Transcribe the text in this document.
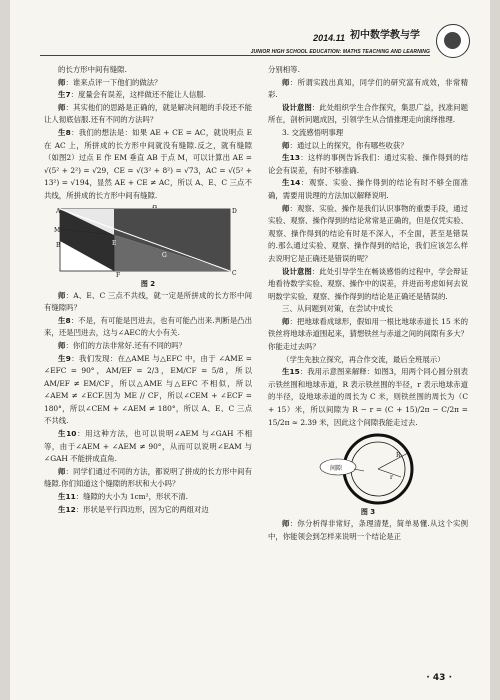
2014.11 初中数学教与学
JUNIOR HIGH SCHOOL EDUCATION: MATHS TEACHING AND LEARNING

的长方形中间有缝隙.

师：谁来点评一下他们的做法？

生7：度量会有误差，这样做还不能让人信服.

师：其实他们的思路是正确的，就是解决问题的手段还不能让人彻底信服.还有不同的方法吗？

生8：我们的想法是：如果 AE + CE = AC，就说明点 E 在 AC 上，所拼成的长方形中间就没有缝隙.反之，就有缝隙（如图2）过点 E 作 EM 垂直 AB 于点 M，可以计算出 AE = √(5² + 2²) = √29，CE = √(3² + 8²) = √73，AC = √(5² + 13²) = √194，显然 AE + CE ≠ AC，所以 A、E、C 三点不共线，所拼成的长方形中间有缝隙.

A
H
D
M
E
B
F
G
C
图 2

师：A、E、C 三点不共线，就一定是所拼成的长方形中间有缝隙吗？

生8：不是，有可能是凹进去，也有可能凸出来.判断是凸出来，还是凹进去，这与∠AEC的大小有关.

师：你们的方法非常好.还有不同的吗？

生9：我们发现：在△AME 与△EFC 中，由于 ∠AME = ∠EFC = 90°，AM/EF = 2/3，EM/CF = 5/8，所以 AM/EF ≠ EM/CF，所以△AME 与△EFC 不相似，所以∠AEM ≠ ∠ECF.因为 ME // CF，所以∠CEM + ∠ECF = 180°，所以∠CEM + ∠AEM ≠ 180°，所以 A、E、C 三点不共线.

生10：用这种方法，也可以说明∠AEM 与∠GAH 不相等，由于∠AEM + ∠AEM ≠ 90°，从而可以说明∠EAM 与∠GAH 不能拼成直角.

师：同学们通过不同的方法，都说明了拼成的长方形中间有缝隙.你们知道这个缝隙的形状和大小吗？

生11：缝隙的大小为 1cm²，形状不清.

生12：形状是平行四边形，因为它的两组对边

分别相等.

师：所谓实践出真知，同学们的研究富有成效，非常精彩.

设计意图：此处组织学生合作探究，集思广益，找准问题所在，剖析问题成因，引领学生从合情推理走向演绎推理.

3. 交流感悟明事理

师：通过以上的探究，你有哪些收获？

生13：这样的事例告诉我们：通过实验、操作得到的结论会有误差，有时不够准确.

生14：观察、实验、操作得到的结论有时不够全面准确，需要用说理的方法加以解释说明.

师：观察、实验、操作是我们认识事物的重要手段，通过实验、观察、操作得到的结论常常是正确的，但是仅凭实验、观察、操作得到的结论有时是不深入，不全面，甚至是错误的.那么通过实验、观察、操作得到的结论，我们应该怎么样去说明它是正确还是错误的呢？

设计意图：此处引导学生在畅谈感悟的过程中，学会辩证地看待数学实验、观察、操作中的误差，并进而考虑如何去说明数学实验、观察、操作得到的结论是正确还是错误的.

三、从问题到对策，在尝试中成长

师：把地球看成球形，假如用一根比地球赤道长 15 米的铁丝将地球赤道围起来，猜想铁丝与赤道之间的间隙有多大？你能走过去吗？

（学生先独立探究，再合作交流，最后全班展示）

生15：我用示意图来解释：如图3，用两个同心圆分别表示铁丝围和地球赤道，R 表示铁丝围的半径，r 表示地球赤道的半径，设地球赤道的周长为 C 米，则铁丝围的周长为（C + 15）米，所以间隙为 R − r = (C + 15)/2π − C/2π = 15/2π ≈ 2.39 米，因此这个间隙我能走过去.

R
r
间隙
图 3

师：你分析得非常好，条理清楚，简单易懂.从这个实例中，你能领会到怎样来说明一个结论是正

· 43 ·
